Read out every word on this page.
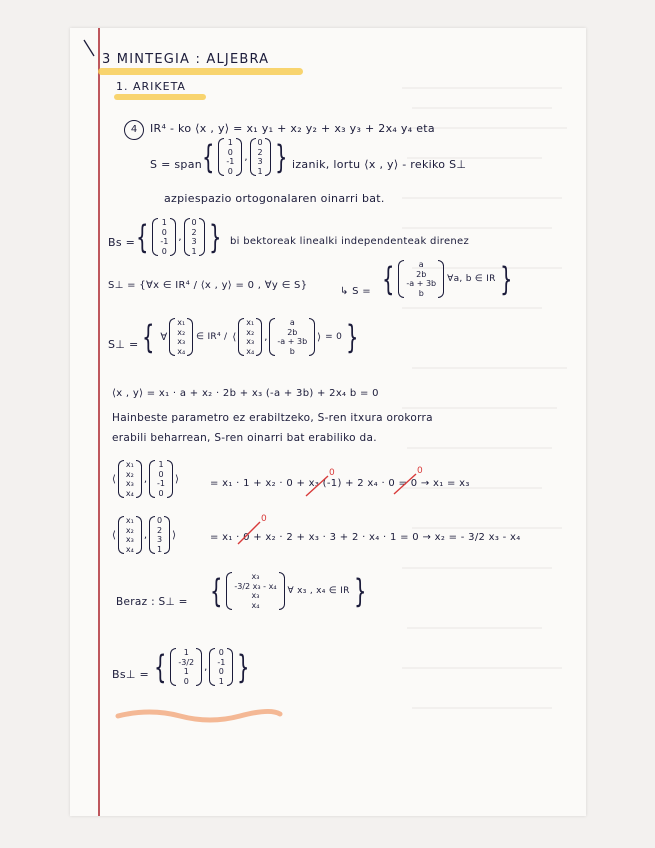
3 MINTEGIA : ALJEBRA
1. ARIKETA
4	IR⁴ - ko ⟨x , y⟩ = x₁ y₁ + x₂ y₂ + x₃ y₃ + 2x₄ y₄ eta
S = span { 1
0
-1
0
,
0
2
3
1 } izanik, lortu ⟨x , y⟩ - rekiko S⊥
azpiespazio ortogonalaren oinarri bat.
Bs = { 1
0
-1
0
,
0
2
3
1 } bi bektoreak linealki independenteak direnez
S⊥ = {∀x ∈ IR⁴ / ⟨x , y⟩ = 0 , ∀y ∈ S}
↳ S = {	a
2b
-a + 3b
b
∀a, b ∈ IR }
S⊥ = { ∀
x₁
x₂
x₃
x₄
∈ IR⁴ / ⟨
x₁
x₂
x₃
x₄
,
a
2b
-a + 3b
b
⟩ = 0 }
⟨x , y⟩ = x₁ · a + x₂ · 2b + x₃ (-a + 3b) + 2x₄ b = 0
Hainbeste parametro ez erabiltzeko, S-ren itxura orokorra
erabili beharrean, S-ren oinarri bat erabiliko da.
⟨
x₁
x₂
x₃
x₄
,
1
0
-1
0
⟩	= x₁ · 1 + x₂ · 0 + x₃ (-1) + 2 x₄ · 0 = 0 → x₁ = x₃
⟨
x₁
x₂
x₃
x₄
,
0
2
3
1
⟩	= x₁ · 0 + x₂ · 2 + x₃ · 3 + 2 · x₄ · 1 = 0 → x₂ = - 3/2 x₃ - x₄
Beraz : S⊥ = {	x₃
-3/2 x₃ - x₄
x₃
x₄
∀ x₃ , x₄ ∈ IR }
Bs⊥ = { 1
-3/2
1
0
,
0
-1
0
1 }
0	0
0
